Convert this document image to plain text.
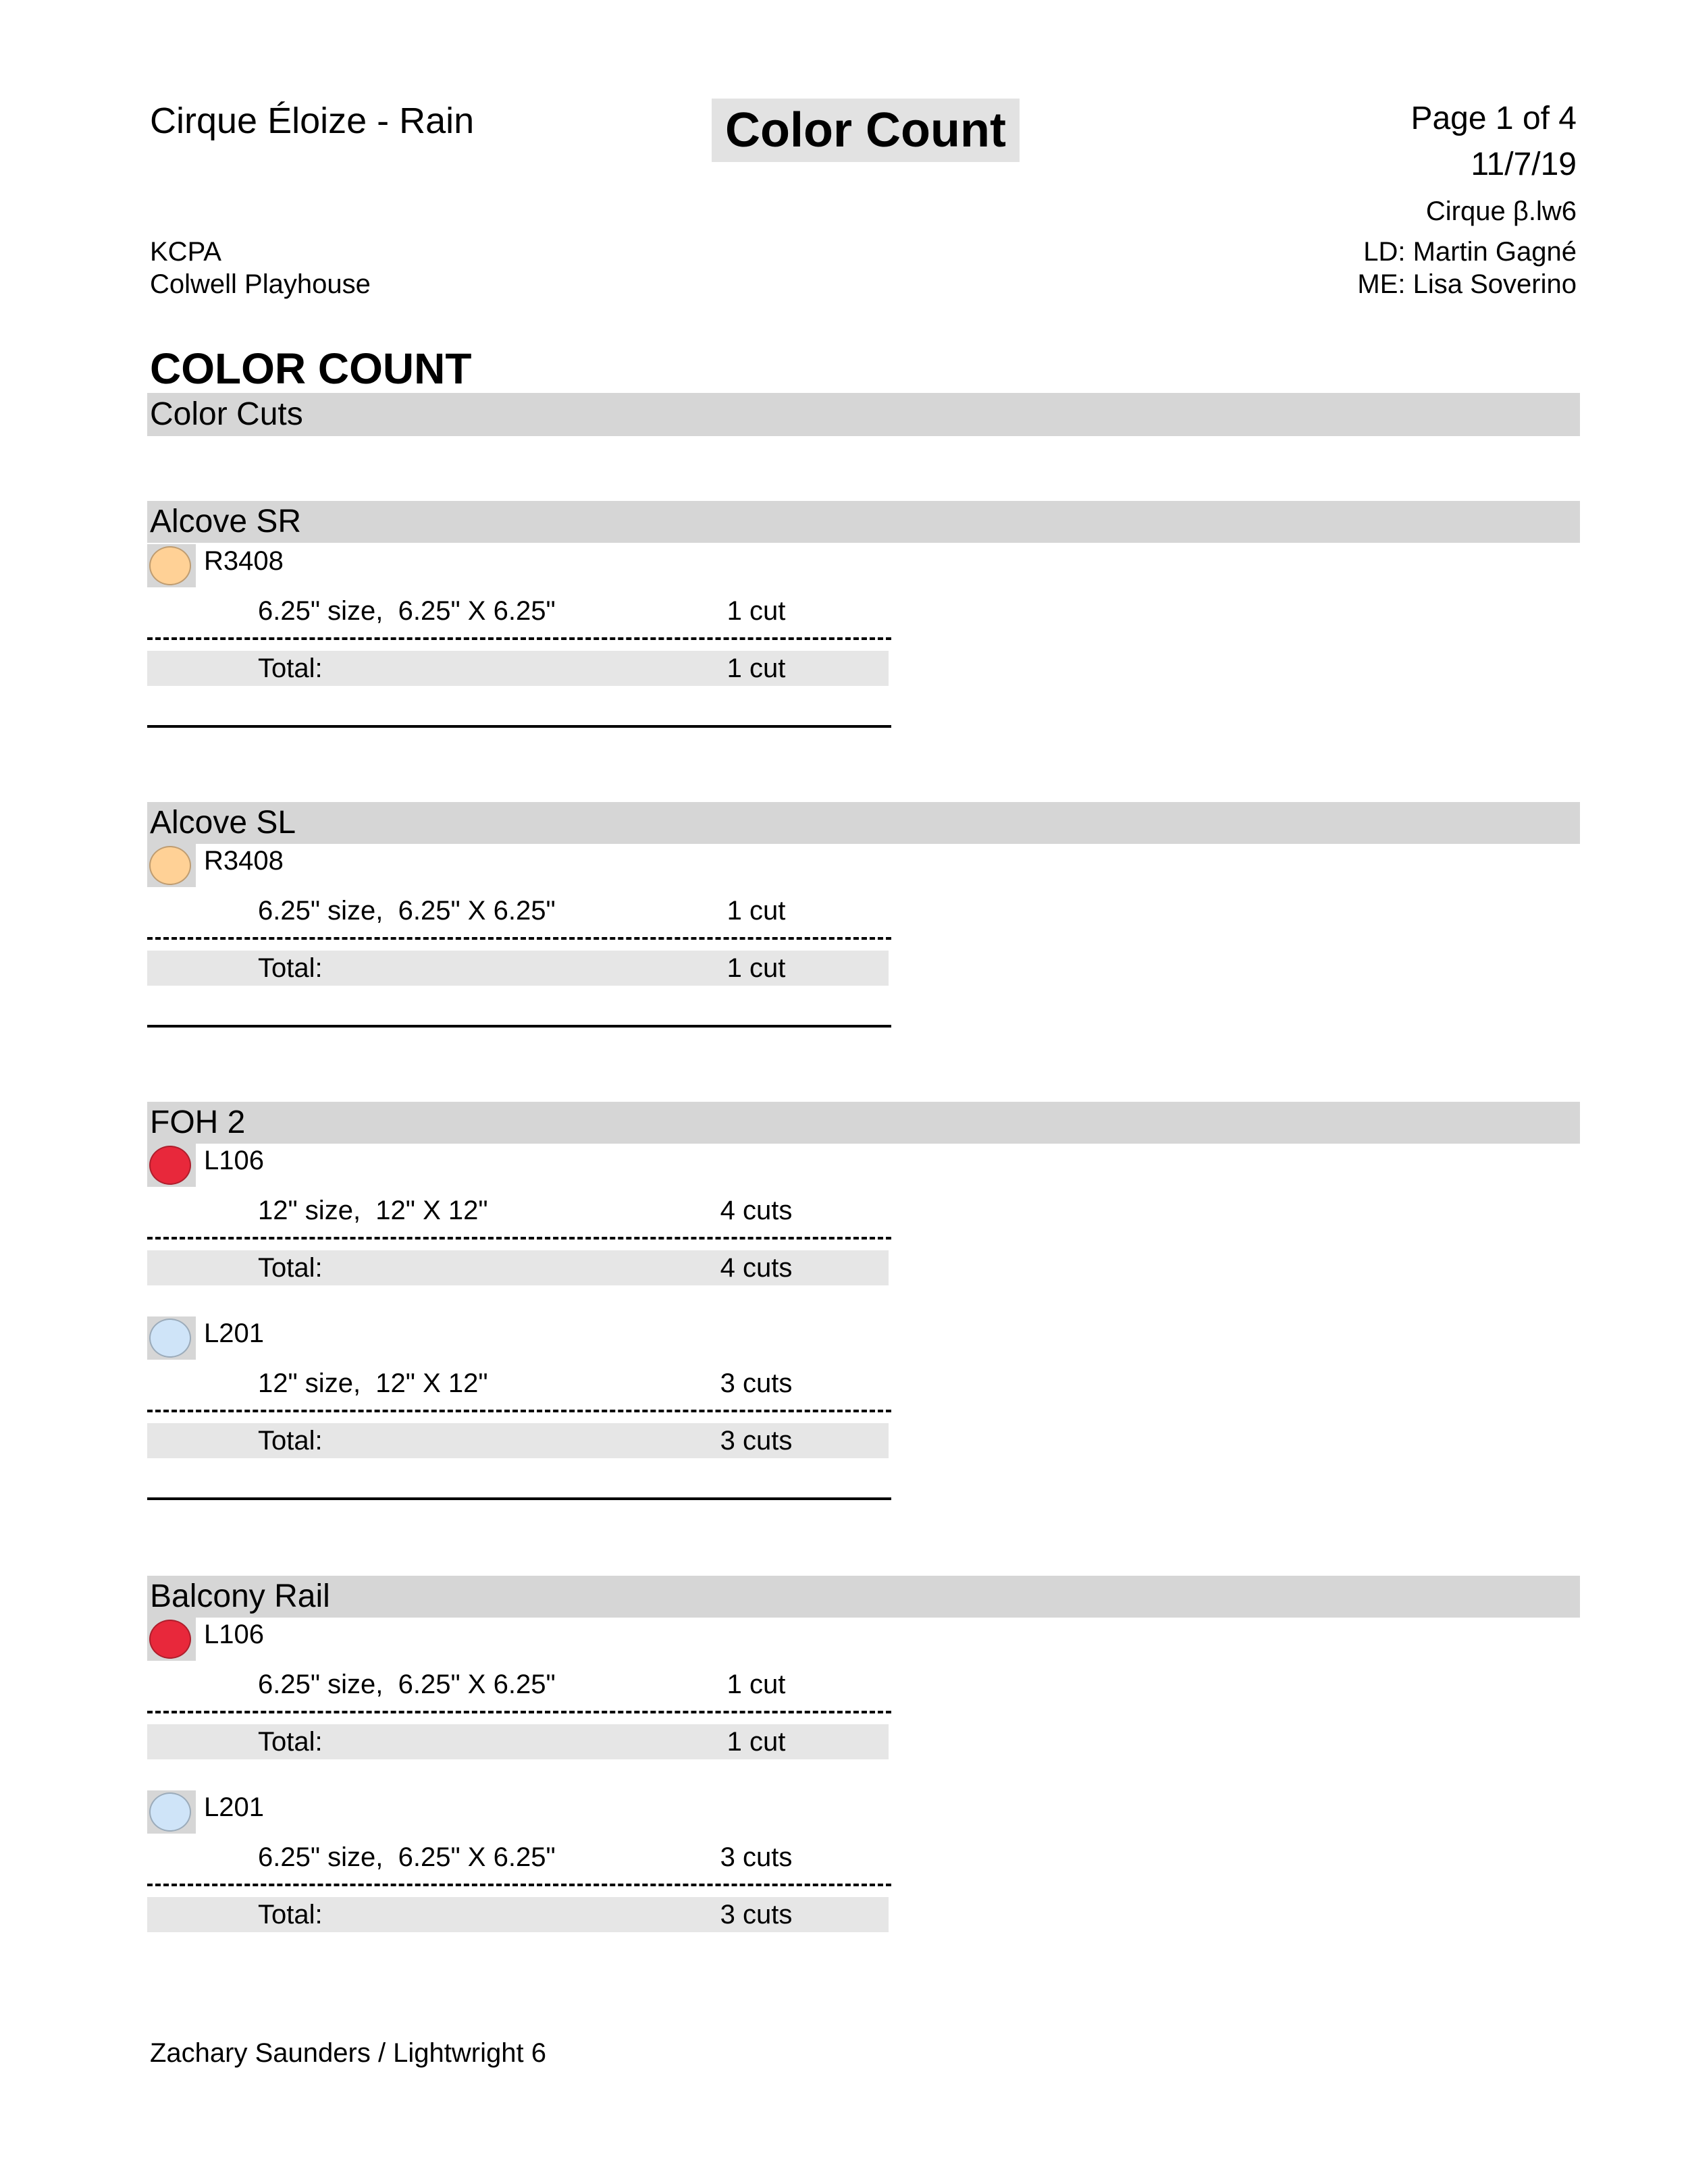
Cirque Éloize - Rain	Color Count	Page 1 of 4
11/7/19
Cirque β.lw6
KCPA
Colwell Playhouse
LD: Martin Gagné
ME: Lisa Soverino
COLOR COUNT
Color Cuts
Alcove SR
R3408
6.25" size,  6.25" X 6.25"	1 cut
Total:	1 cut
Alcove SL
R3408
6.25" size,  6.25" X 6.25"	1 cut
Total:	1 cut
FOH 2
L106
12" size,  12" X 12"	4 cuts
Total:	4 cuts
L201
12" size,  12" X 12"	3 cuts
Total:	3 cuts
Balcony Rail
L106
6.25" size,  6.25" X 6.25"	1 cut
Total:	1 cut
L201
6.25" size,  6.25" X 6.25"	3 cuts
Total:	3 cuts
Zachary Saunders / Lightwright 6
